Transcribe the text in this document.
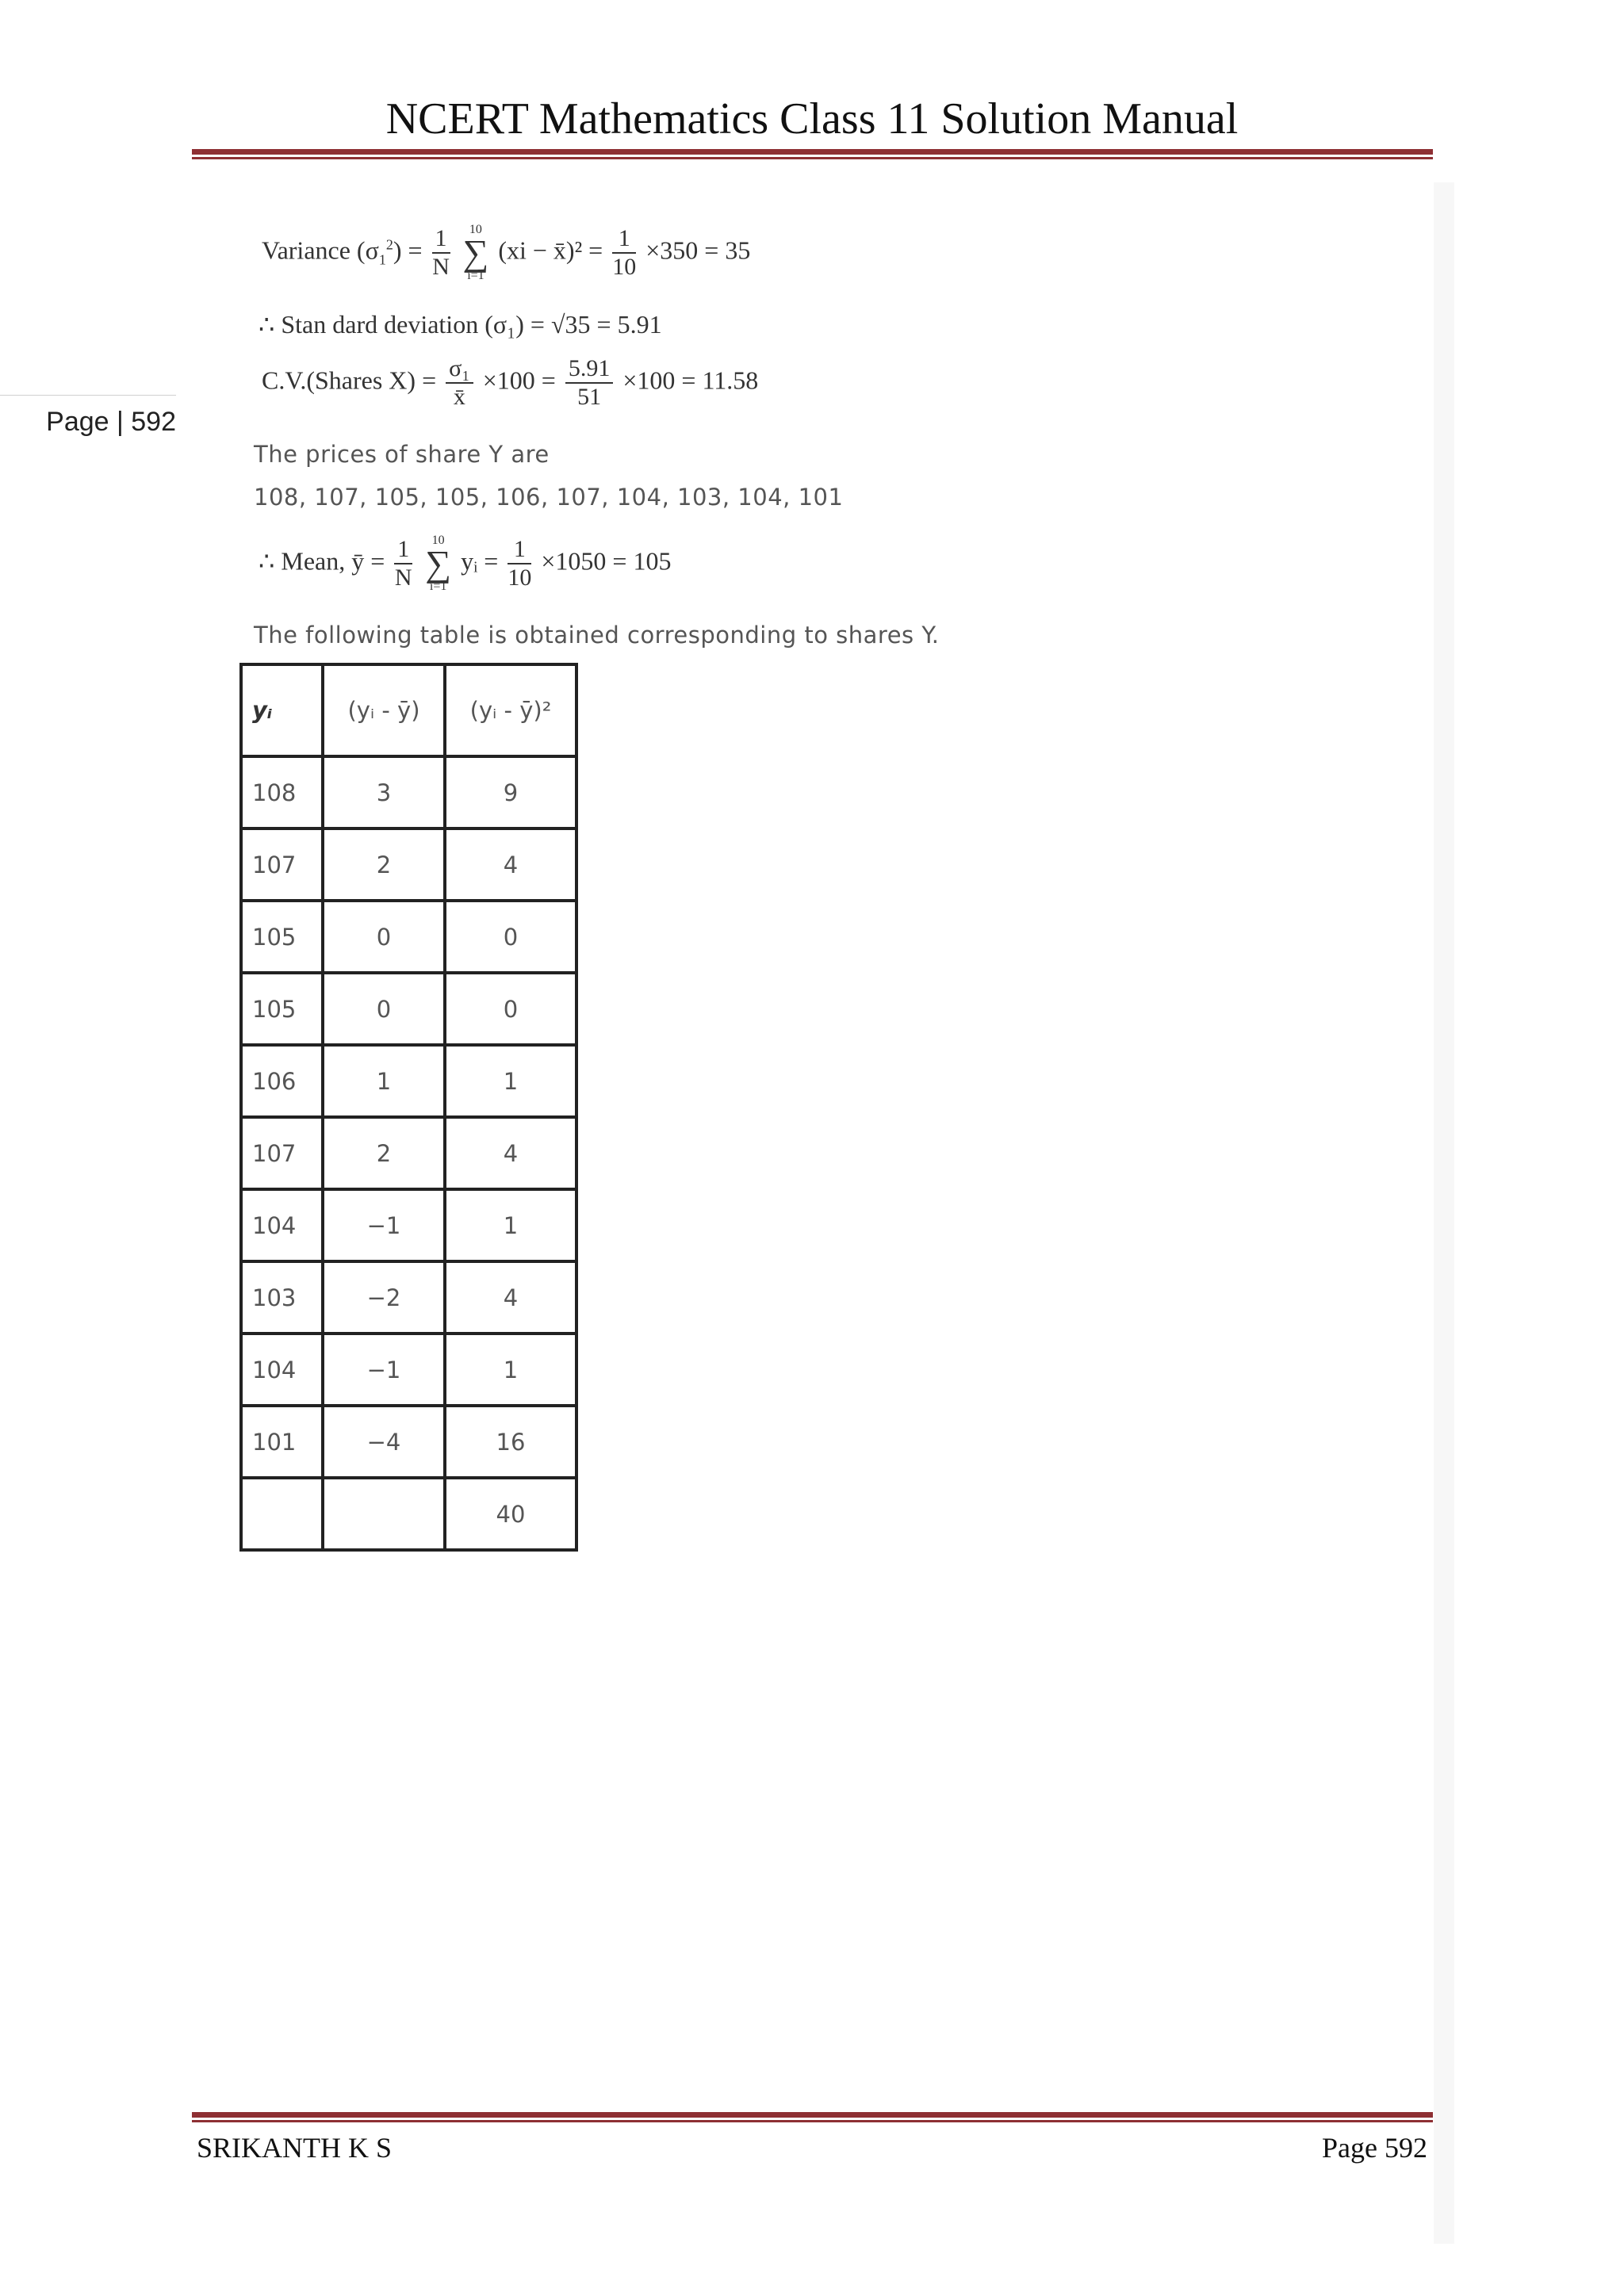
NCERT Mathematics Class 11 Solution Manual
Page | 592
Variance $(\sigma_1^2) = \frac{1}{N} 10$
∑
i=1 (xi − x̄)² = $\frac{1}{10} \times 350 = 35$
∴ Stan dard deviation (σ₁) = √35 = 5.91
C.V.(Shares $X) = \frac{\text{σ₁}}{x̄} \times 100 = \frac{5.91}{51} \times 100 = 11.58$
The prices of share Y are
108, 107, 105, 105, 106, 107, 104, 103, 104, 101
∴ Mean, ȳ = $\frac{1}{N} 10$
∑
i=1 yᵢ = $\frac{1}{10} \times 1050 = 105$
The following table is obtained corresponding to shares Y.
yᵢ	(yᵢ - ȳ)	(yᵢ - ȳ)²
108	3	9
107	2	4
105	0	0
105	0	0
106	1	1
107	2	4
104	−1	1
103	−2	4
104	−1	1
101	−4	16
		40
SRIKANTH K S	Page 592
